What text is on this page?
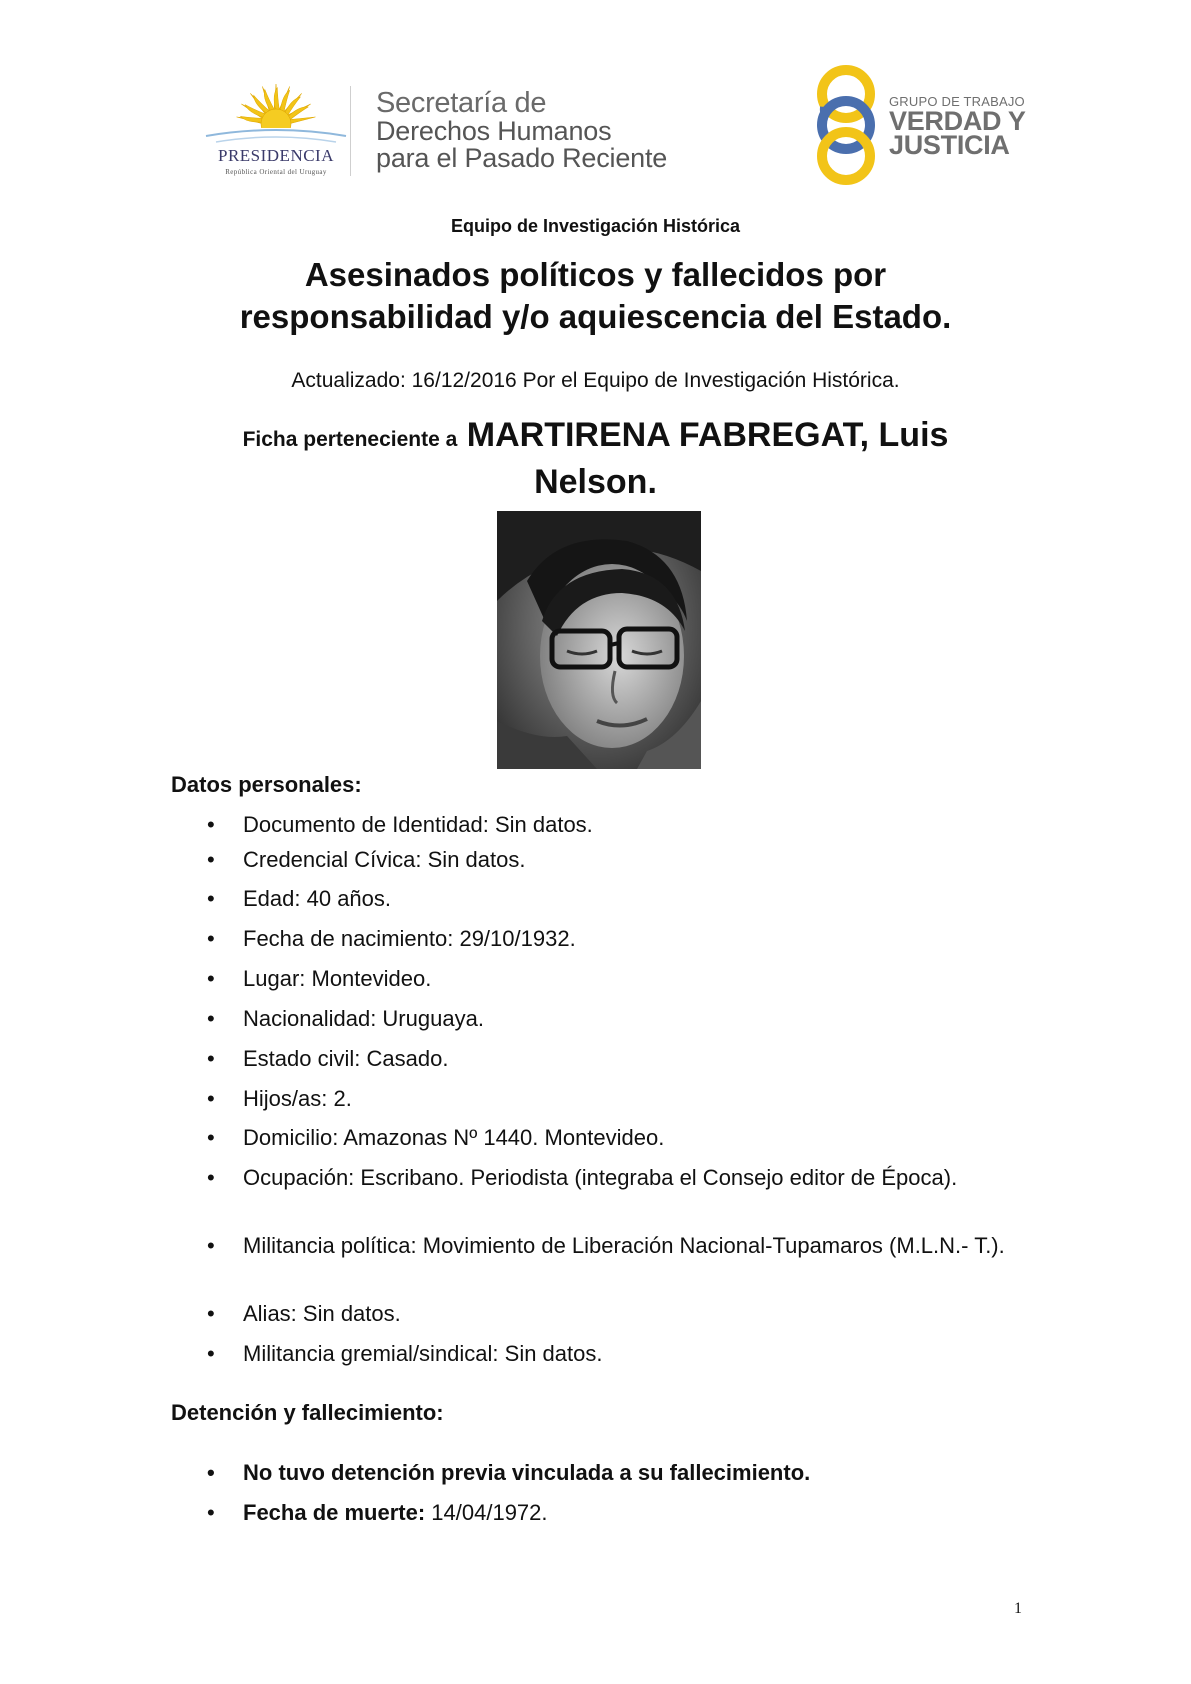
PRESIDENCIA
República Oriental del Uruguay
Secretaría de
Derechos Humanos
para el Pasado Reciente
GRUPO DE TRABAJO
VERDAD Y
JUSTICIA
Equipo de Investigación Histórica
Asesinados políticos y fallecidos por
responsabilidad y/o aquiescencia del Estado.
Actualizado: 16/12/2016 Por el Equipo de Investigación Histórica.
Ficha perteneciente a MARTIRENA FABREGAT, Luis
Nelson.
Datos personales:
• Documento de Identidad: Sin datos.
• Credencial Cívica: Sin datos.
• Edad: 40 años.
• Fecha de nacimiento: 29/10/1932.
• Lugar: Montevideo.
• Nacionalidad: Uruguaya.
• Estado civil: Casado.
• Hijos/as: 2.
• Domicilio: Amazonas Nº 1440. Montevideo.
• Ocupación: Escribano. Periodista (integraba el Consejo editor de Época).
• Militancia política: Movimiento de Liberación Nacional-Tupamaros (M.L.N.- T.).
• Alias: Sin datos.
• Militancia gremial/sindical: Sin datos.
Detención y fallecimiento:
• No tuvo detención previa vinculada a su fallecimiento.
• Fecha de muerte: 14/04/1972.
1
